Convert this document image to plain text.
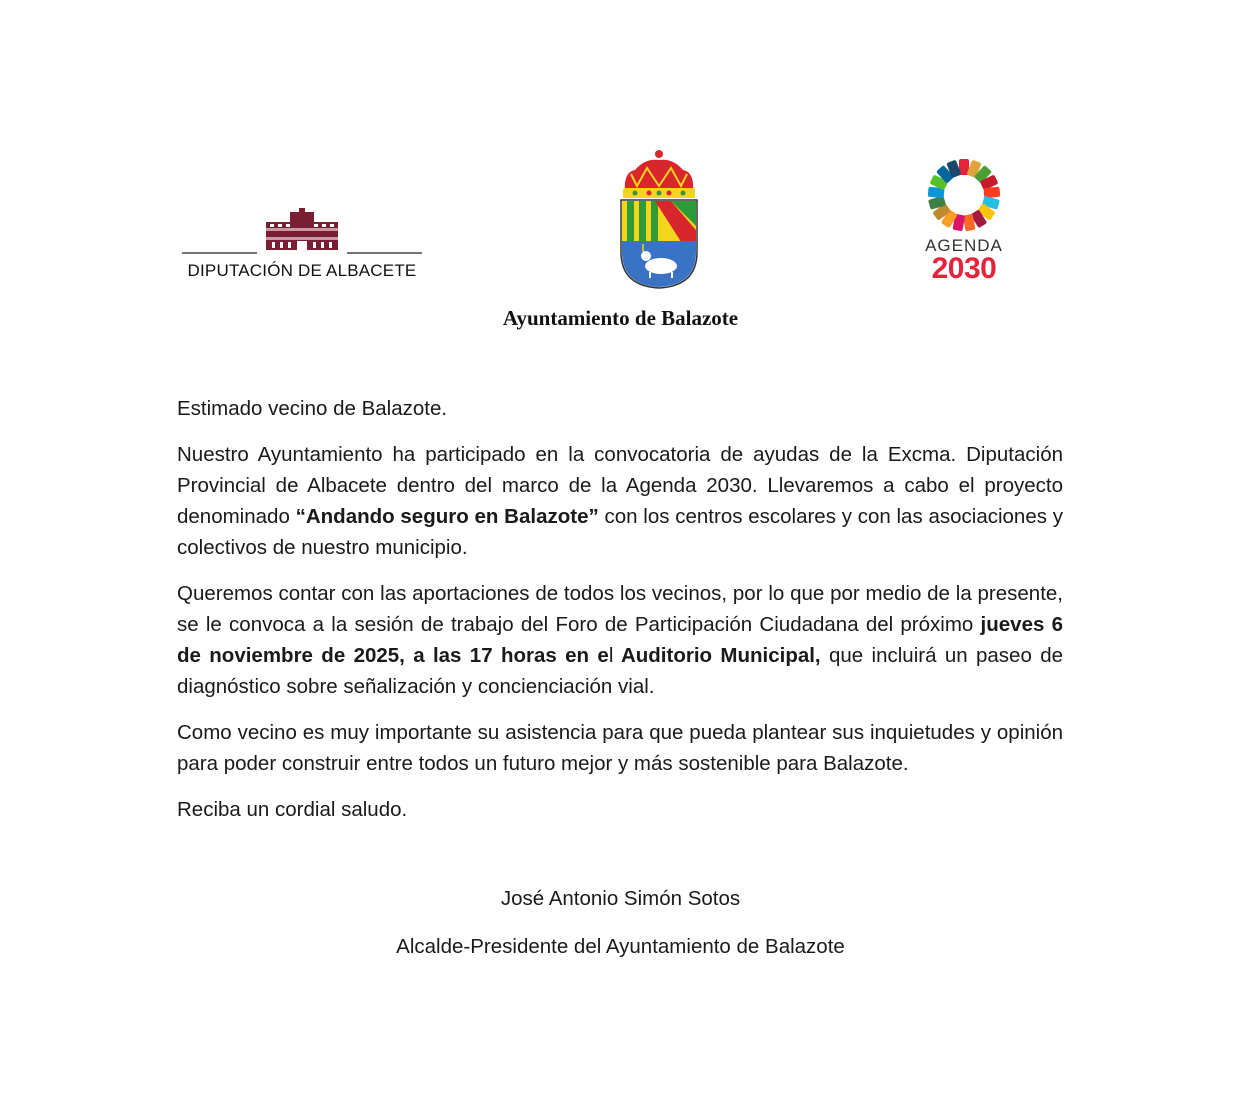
DIPUTACIÓN DE ALBACETE
AGENDA
2030
Ayuntamiento de Balazote

Estimado vecino de Balazote.

Nuestro Ayuntamiento ha participado en la convocatoria de ayudas de la Excma. Diputación Provincial de Albacete dentro del marco de la Agenda 2030. Llevaremos a cabo el proyecto denominado “Andando seguro en Balazote” con los centros escolares y con las asociaciones y colectivos de nuestro municipio.

Queremos contar con las aportaciones de todos los vecinos, por lo que por medio de la presente, se le convoca a la sesión de trabajo del Foro de Participación Ciudadana del próximo jueves 6 de noviembre de 2025, a las 17 horas en el Auditorio Municipal, que incluirá un paseo de diagnóstico sobre señalización y concienciación vial.

Como vecino es muy importante su asistencia para que pueda plantear sus inquietudes y opinión para poder construir entre todos un futuro mejor y más sostenible para Balazote.

Reciba un cordial saludo.

José Antonio Simón Sotos
Alcalde-Presidente del Ayuntamiento de Balazote
